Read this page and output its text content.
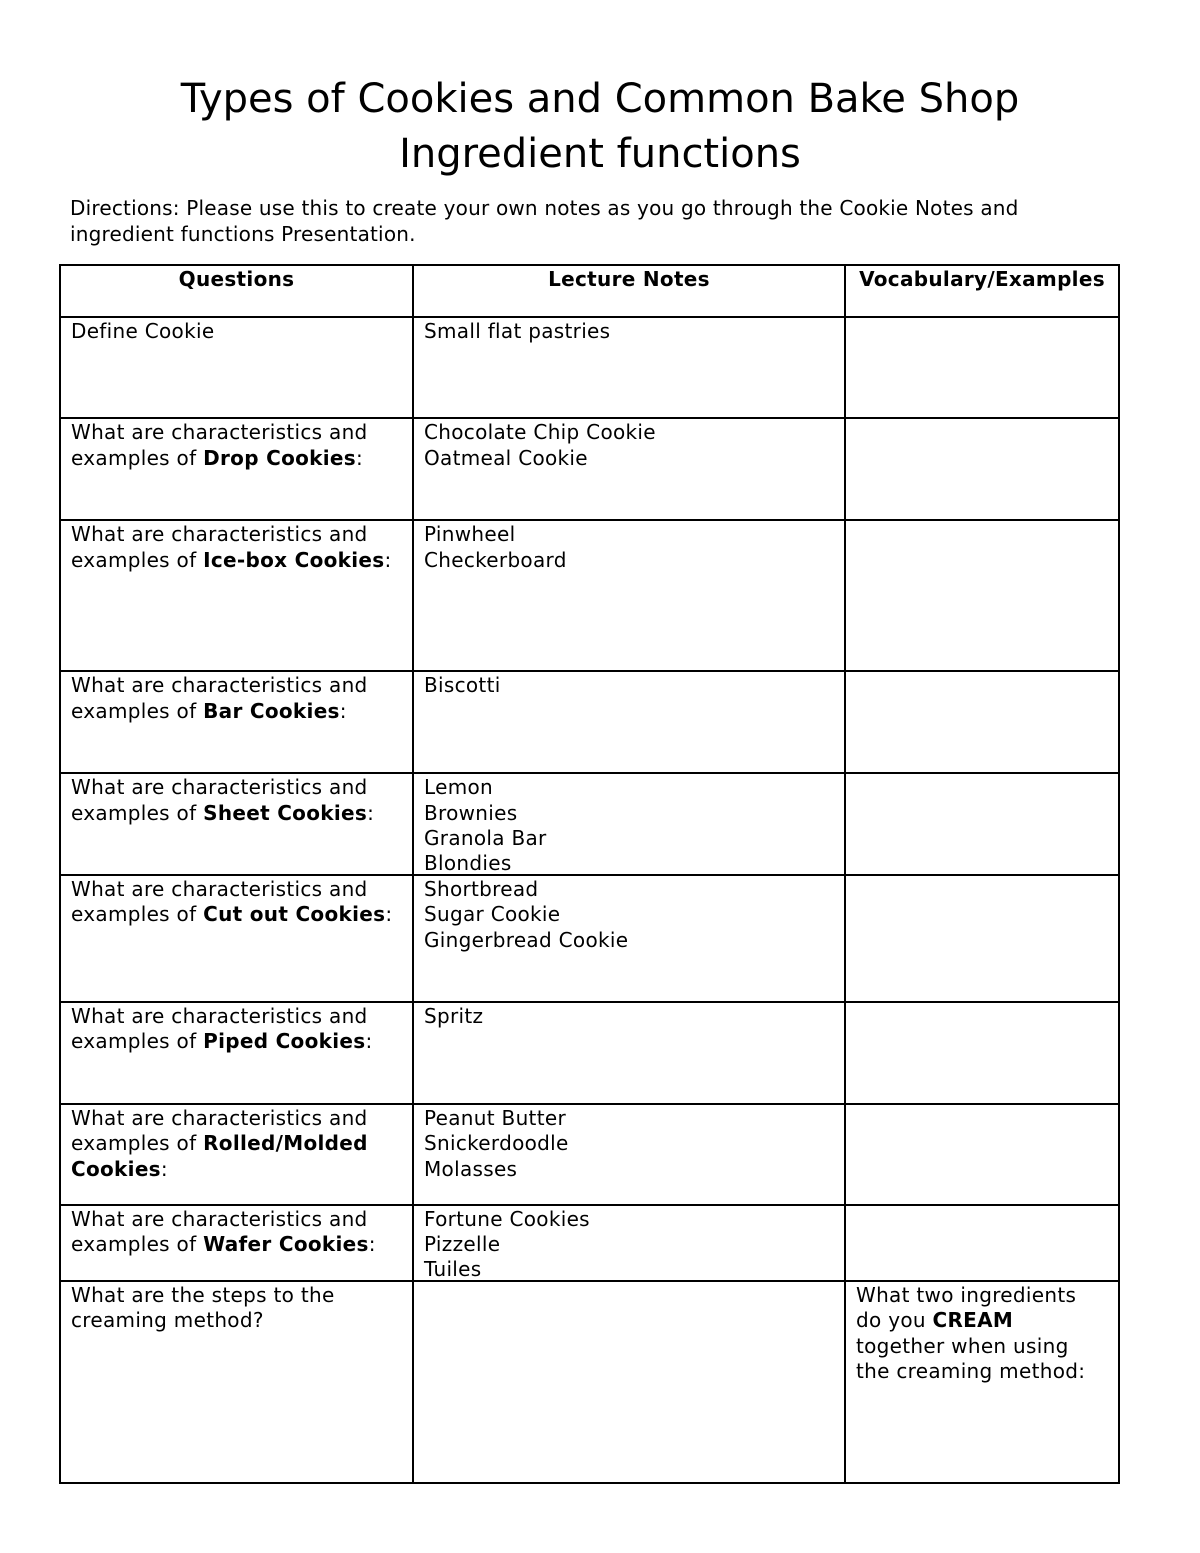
Types of Cookies and Common Bake Shop
Ingredient functions

Directions: Please use this to create your own notes as you go through the Cookie Notes and ingredient functions Presentation.

Questions	Lecture Notes	Vocabulary/Examples
Define Cookie	Small flat pastries	

What are characteristics and examples of Drop Cookies:	Chocolate Chip Cookie
Oatmeal Cookie	

What are characteristics and examples of Ice-box Cookies:	Pinwheel
Checkerboard	

What are characteristics and examples of Bar Cookies:	Biscotti	

What are characteristics and examples of Sheet Cookies:	Lemon
Brownies
Granola Bar
Blondies	

What are characteristics and examples of Cut out Cookies:	Shortbread
Sugar Cookie
Gingerbread Cookie	

What are characteristics and examples of Piped Cookies:	Spritz	

What are characteristics and examples of Rolled/Molded Cookies:	Peanut Butter
Snickerdoodle
Molasses	

What are characteristics and examples of Wafer Cookies:	Fortune Cookies
Pizzelle
Tuiles	

What are the steps to the creaming method?		What two ingredients do you CREAM together when using the creaming method:
